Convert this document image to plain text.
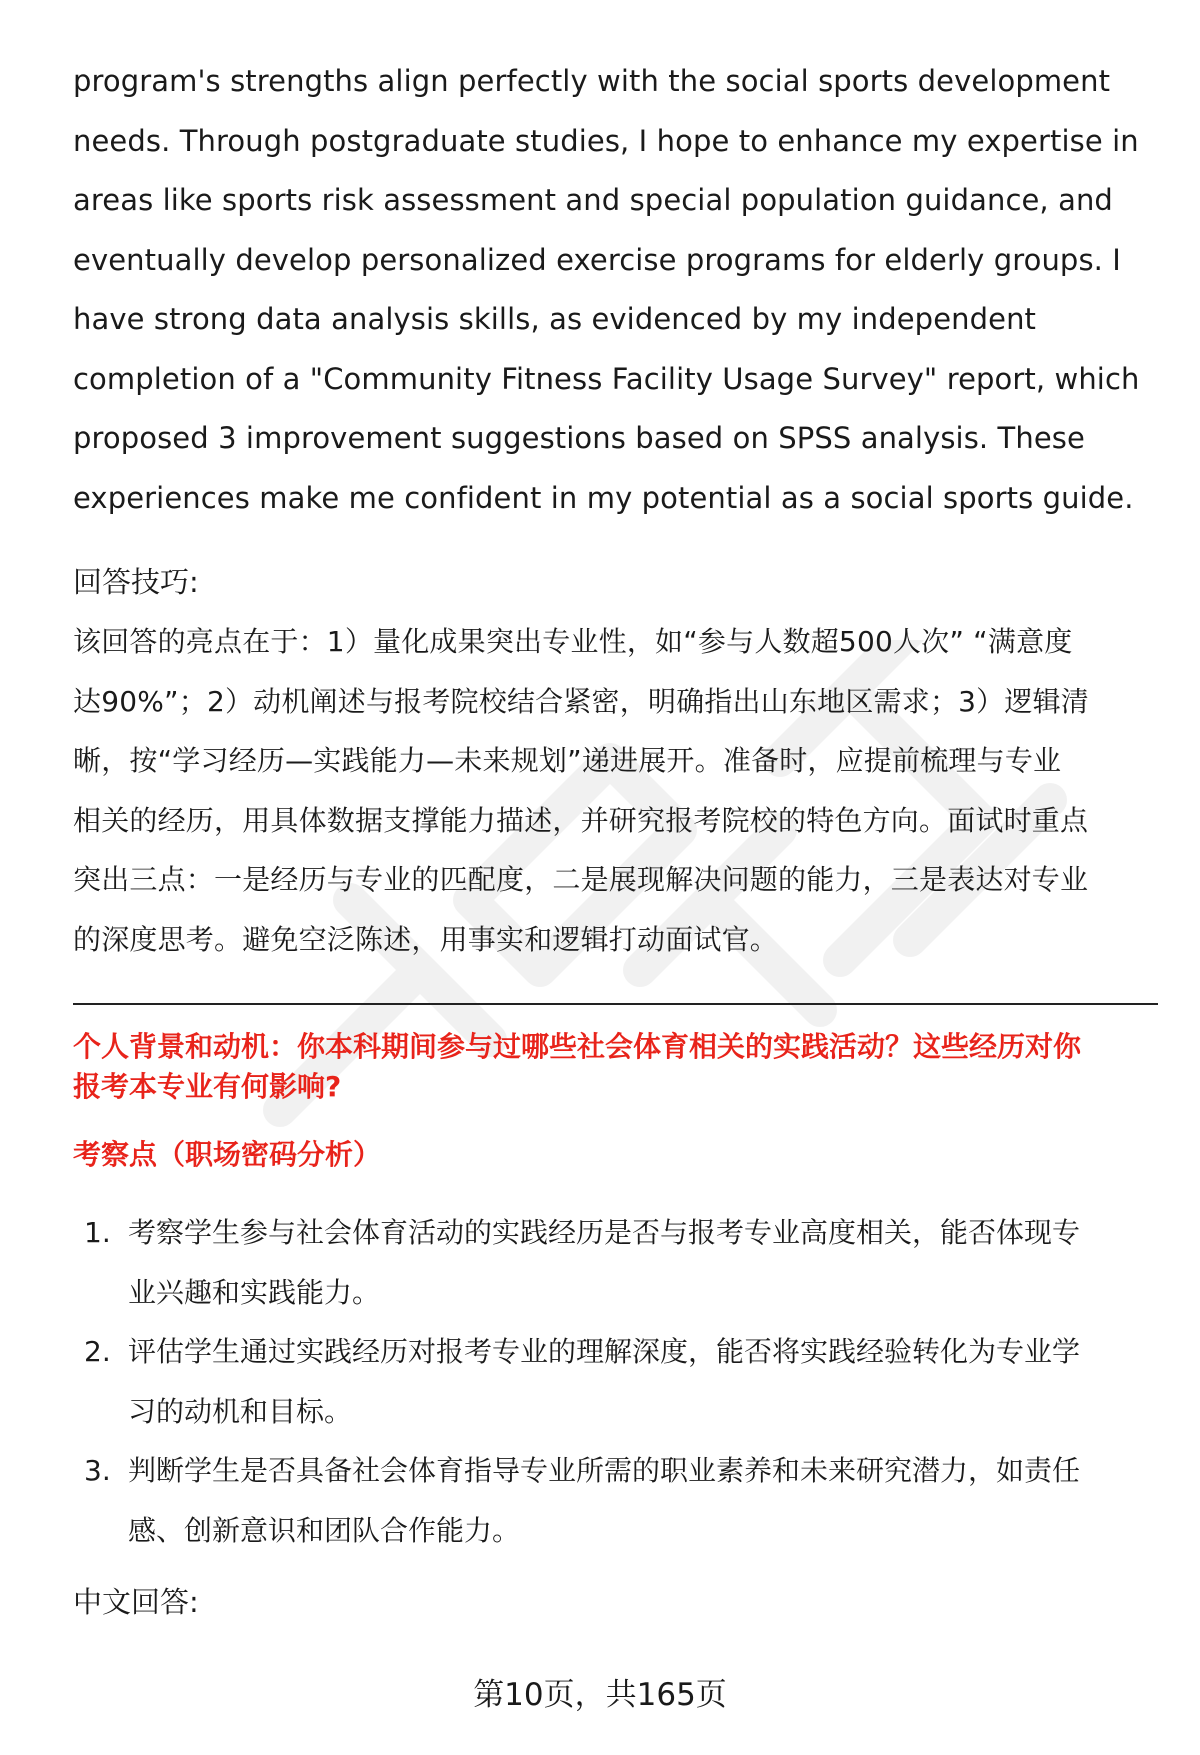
program's strengths align perfectly with the social sports development
needs. Through postgraduate studies, I hope to enhance my expertise in
areas like sports risk assessment and special population guidance, and
eventually develop personalized exercise programs for elderly groups. I
have strong data analysis skills, as evidenced by my independent
completion of a "Community Fitness Facility Usage Survey" report, which
proposed 3 improvement suggestions based on SPSS analysis. These
experiences make me confident in my potential as a social sports guide.

回答技巧:

该回答的亮点在于：1）量化成果突出专业性，如“参与人数超500人次” “满意度
达90%”；2）动机阐述与报考院校结合紧密，明确指出山东地区需求；3）逻辑清
晰，按“学习经历—实践能力—未来规划”递进展开。准备时，应提前梳理与专业
相关的经历，用具体数据支撑能力描述，并研究报考院校的特色方向。面试时重点
突出三点：一是经历与专业的匹配度，二是展现解决问题的能力，三是表达对专业
的深度思考。避免空泛陈述，用事实和逻辑打动面试官。

个人背景和动机：你本科期间参与过哪些社会体育相关的实践活动？这些经历对你
报考本专业有何影响?

考察点（职场密码分析）

1. 考察学生参与社会体育活动的实践经历是否与报考专业高度相关，能否体现专
业兴趣和实践能力。
2. 评估学生通过实践经历对报考专业的理解深度，能否将实践经验转化为专业学
习的动机和目标。
3. 判断学生是否具备社会体育指导专业所需的职业素养和未来研究潜力，如责任
感、创新意识和团队合作能力。

中文回答:

第10页，共165页
